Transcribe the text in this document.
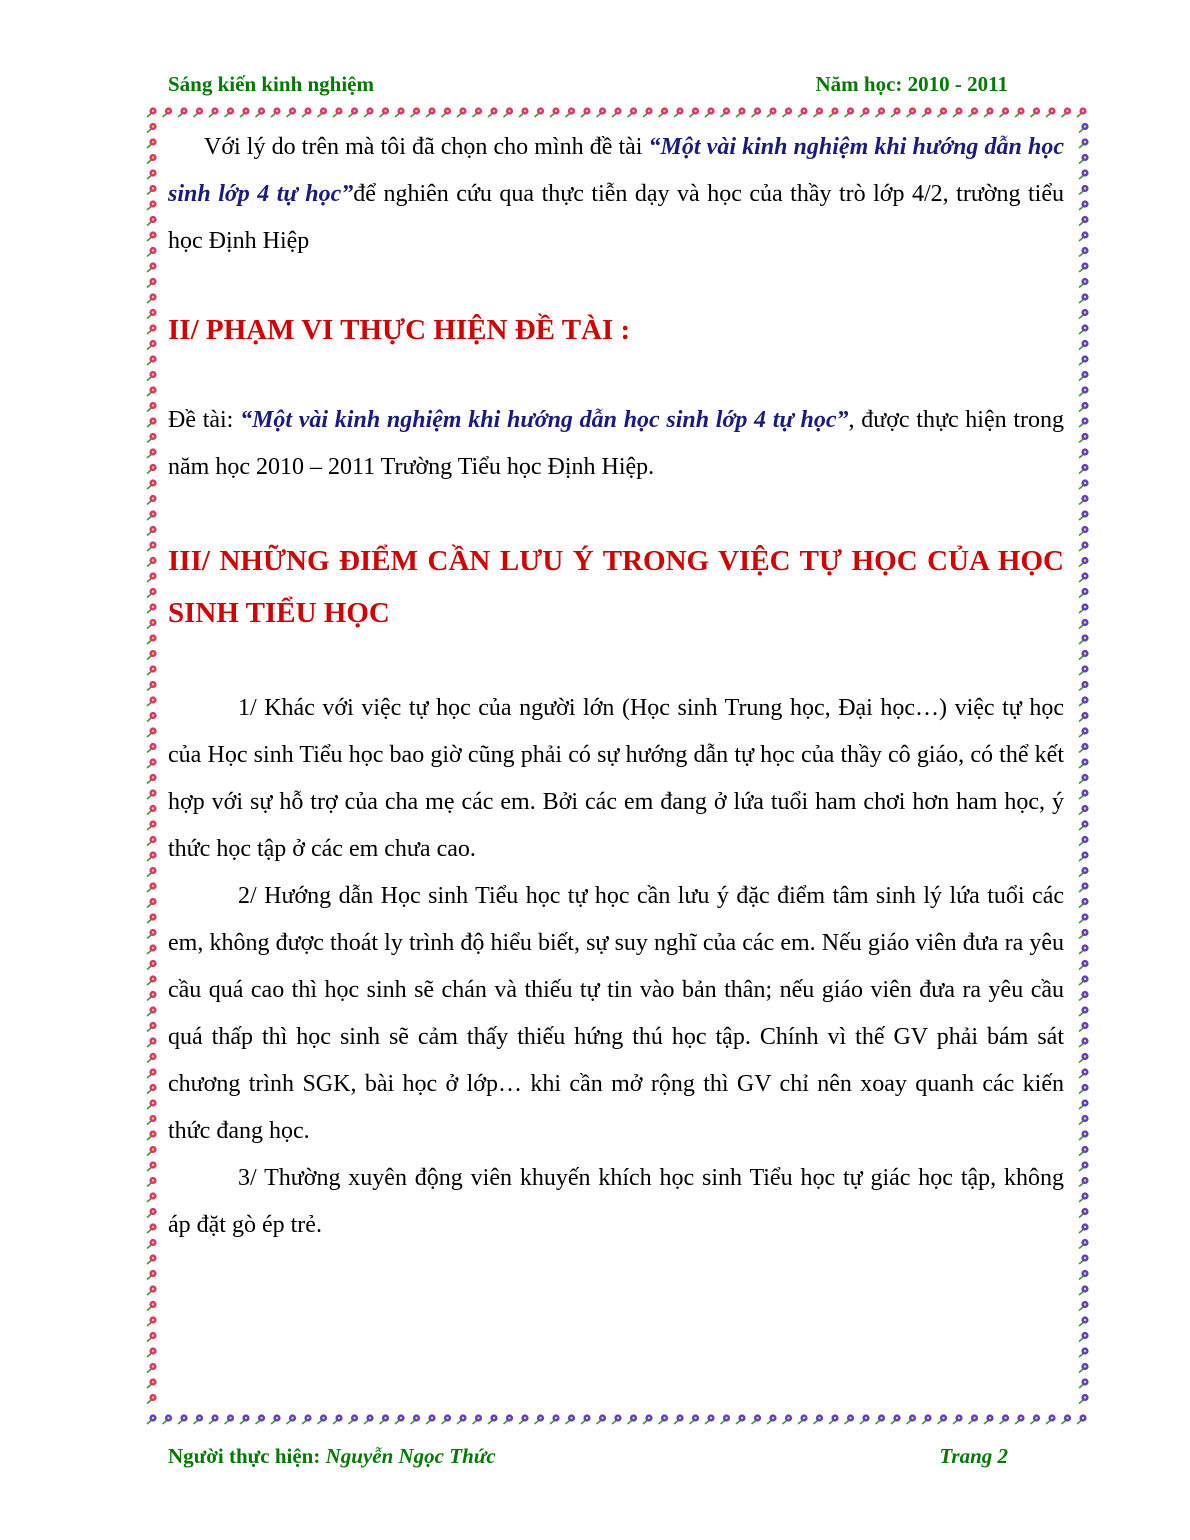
Sáng kiến kinh nghiệm	Năm học: 2010 - 2011

Với lý do trên mà tôi đã chọn cho mình đề tài “Một vài kinh nghiệm khi hướng dẫn học sinh lớp 4 tự học”để nghiên cứu qua thực tiễn dạy và học của thầy trò lớp 4/2, trường tiểu học Định Hiệp

II/ PHẠM VI THỰC HIỆN ĐỀ TÀI :

Đề tài: “Một vài kinh nghiệm khi hướng dẫn học sinh lớp 4 tự học”, được thực hiện trong năm học 2010 – 2011 Trường Tiểu học Định Hiệp.

III/ NHỮNG ĐIỂM CẦN LƯU Ý TRONG VIỆC TỰ HỌC CỦA HỌC SINH TIỂU HỌC

1/ Khác với việc tự học của người lớn (Học sinh Trung học, Đại học…) việc tự học của Học sinh Tiểu học bao giờ cũng phải có sự hướng dẫn tự học của thầy cô giáo, có thể kết hợp với sự hỗ trợ của cha mẹ các em. Bởi các em đang ở lứa tuổi ham chơi hơn ham học, ý thức học tập ở các em chưa cao.

2/ Hướng dẫn Học sinh Tiểu học tự học cần lưu ý đặc điểm tâm sinh lý lứa tuổi các em, không được thoát ly trình độ hiểu biết, sự suy nghĩ của các em. Nếu giáo viên đưa ra yêu cầu quá cao thì học sinh sẽ chán và thiếu tự tin vào bản thân; nếu giáo viên đưa ra yêu cầu quá thấp thì học sinh sẽ cảm thấy thiếu hứng thú học tập. Chính vì thế GV phải bám sát chương trình SGK, bài học ở lớp… khi cần mở rộng thì GV chỉ nên xoay quanh các kiến thức đang học.

3/ Thường xuyên động viên khuyến khích học sinh Tiểu học tự giác học tập, không áp đặt gò ép trẻ.

Người thực hiện: Nguyễn Ngọc Thức	Trang 2
